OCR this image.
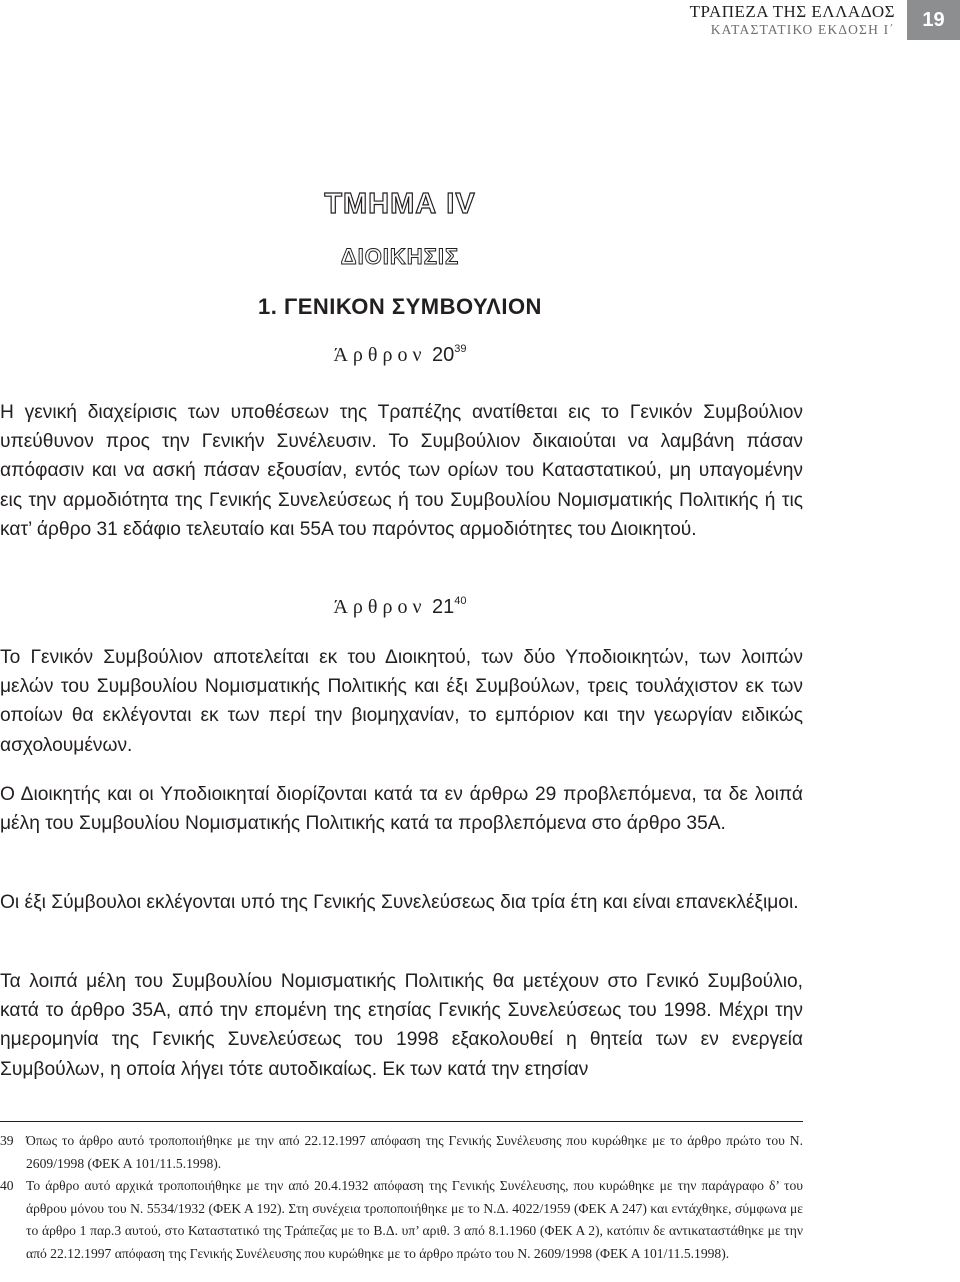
ΤΡΑΠΕΖΑ ΤΗΣ ΕΛΛΑΔΟΣ
ΚΑΤΑΣΤΑΤΙΚΟ ΕΚΔΟΣΗ Ι΄	19
ΤΜΗΜΑ IV
ΔΙΟΙΚΗΣΙΣ
1. ΓΕΝΙΚΟΝ ΣΥΜΒΟΥΛΙΟΝ
Άρθρον $20^{39}$

Η γενική διαχείρισις των υποθέσεων της Τραπέζης ανατίθεται εις το Γενικόν Συμβούλιον υπεύθυνον προς την Γενικήν Συνέλευσιν. Το Συμβούλιον δικαιούται να λαμβάνη πάσαν απόφασιν και να ασκή πάσαν εξουσίαν, εντός των ορίων του Καταστατικού, μη υπαγομένην εις την αρμοδιότητα της Γενικής Συνελεύσεως ή του Συμβουλίου Νομισματικής Πολιτικής ή τις κατ’ άρθρο 31 εδάφιο τελευταίο και 55Α του παρόντος αρμοδιότητες του Διοικητού.

Άρθρον $21^{40}$

Το Γενικόν Συμβούλιον αποτελείται εκ του Διοικητού, των δύο Υποδιοικητών, των λοιπών μελών του Συμβουλίου Νομισματικής Πολιτικής και έξι Συμβούλων, τρεις τουλάχιστον εκ των οποίων θα εκλέγονται εκ των περί την βιομηχανίαν, το εμπόριον και την γεωργίαν ειδικώς ασχολουμένων.

Ο Διοικητής και οι Υποδιοικηταί διορίζονται κατά τα εν άρθρω 29 προβλεπόμενα, τα δε λοιπά μέλη του Συμβουλίου Νομισματικής Πολιτικής κατά τα προβλεπόμενα στο άρθρο 35Α.

Οι έξι Σύμβουλοι εκλέγονται υπό της Γενικής Συνελεύσεως δια τρία έτη και είναι επανεκλέξιμοι.

Τα λοιπά μέλη του Συμβουλίου Νομισματικής Πολιτικής θα μετέχουν στο Γενικό Συμβούλιο, κατά το άρθρο 35Α, από την επομένη της ετησίας Γενικής Συνελεύσεως του 1998. Μέχρι την ημερομηνία της Γενικής Συνελεύσεως του 1998 εξακολουθεί η θητεία των εν ενεργεία Συμβούλων, η οποία λήγει τότε αυτοδικαίως. Εκ των κατά την ετησίαν

39 Όπως το άρθρο αυτό τροποποιήθηκε με την από 22.12.1997 απόφαση της Γενικής Συνέλευσης που κυρώθηκε με το άρθρο πρώτο του Ν. 2609/1998 (ΦΕΚ Α 101/11.5.1998).
40 Το άρθρο αυτό αρχικά τροποποιήθηκε με την από 20.4.1932 απόφαση της Γενικής Συνέλευσης, που κυρώθηκε με την παράγραφο δ’ του άρθρου μόνου του Ν. 5534/1932 (ΦΕΚ Α 192). Στη συνέχεια τροποποιήθηκε με το Ν.Δ. 4022/1959 (ΦΕΚ Α 247) και εντάχθηκε, σύμφωνα με το άρθρο 1 παρ.3 αυτού, στο Καταστατικό της Τράπεζας με το Β.Δ. υπ’ αριθ. 3 από 8.1.1960 (ΦΕΚ Α 2), κατόπιν δε αντικαταστάθηκε με την από 22.12.1997 απόφαση της Γενικής Συνέλευσης που κυρώθηκε με το άρθρο πρώτο του Ν. 2609/1998 (ΦΕΚ Α 101/11.5.1998).
